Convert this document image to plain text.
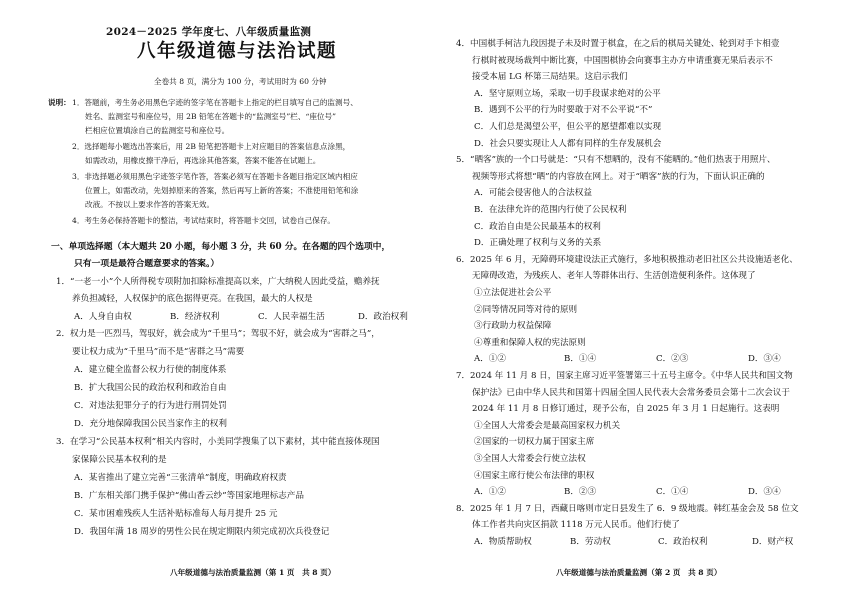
2024－2025 学年度七、八年级质量监测
八年级道德与法治试题
全卷共 8 页，满分为 100 分，考试用时为 60 分钟
说明： 1．答题前，考生务必用黑色字迹的签字笔在答题卡上指定的栏目填写自己的监测号、
姓名、监测室号和座位号，用 2B 铅笔在答题卡的“监测室号”栏、“座位号”
栏相应位置填涂自己的监测室号和座位号。
2．选择题每小题选出答案后，用 2B 铅笔把答题卡上对应题目的答案信息点涂黑，
如需改动，用橡皮擦干净后，再选涂其他答案，答案不能答在试题上。
3．非选择题必须用黑色字迹签字笔作答，答案必须写在答题卡各题目指定区域内相应
位置上，如需改动，先划掉原来的答案，然后再写上新的答案；不准使用铅笔和涂
改液。不按以上要求作答的答案无效。
4．考生务必保持答题卡的整洁，考试结束时，将答题卡交回，试卷自己保存。
一、单项选择题（本大题共 20 小题，每小题 3 分，共 60 分。在各题的四个选项中，
只有一项是最符合题意要求的答案。）
1．“一老一小”个人所得税专项附加扣除标准提高以来，广大纳税人因此受益，赡养抚
养负担减轻，人权保护的底色据得更亮。在我国，最大的人权是
A．人身自由权	B．经济权利	C．人民幸福生活	D．政治权利
2．权力是一匹烈马，驾驭好，就会成为“千里马”；驾驭不好，就会成为“害群之马”，
要让权力成为“千里马”而不是“害群之马”需要
A．建立健全监督公权力行使的制度体系
B．扩大我国公民的政治权利和政治自由
C．对违法犯罪分子的行为进行刑罚处罚
D．充分地保障我国公民当家作主的权利
3．在学习“公民基本权利”相关内容时，小美同学搜集了以下素材，其中能直接体现国
家保障公民基本权利的是
A．某省推出了建立完善“三张清单”制度，明确政府权责
B．广东相关部门携手保护“佛山香云纱”等国家地理标志产品
C．某市困难残疾人生活补贴标准每人每月提升 25 元
D．我国年满 18 周岁的男性公民在规定期限内须完成初次兵役登记
八年级道德与法治质量监测（第 1 页　共 8 页）	八年级道德与法治质量监测（第 2 页　共 8 页）
4．中国棋手柯洁九段因提子未及时置于棋盒，在之后的棋局关键处、轮到对手卞相壹
行棋时被现场裁判中断比赛，中国围棋协会向赛事主办方申请重赛无果后表示不
接受本届 LG 杯第三局结果。这启示我们
A．坚守原则立场，采取一切手段谋求绝对的公平
B．遇到不公平的行为时要敢于对不公平说“不”
C．人们总是渴望公平，但公平的愿望都难以实现
D．社会只要实现让人人都有同样的生存发展机会
5．“晒客”族的一个口号就是：“只有不想晒的，没有不能晒的。”他们热衷于用照片、
视频等形式将想“晒”的内容放在网上。对于“晒客”族的行为，下面认识正确的
A．可能会侵害他人的合法权益
B．在法律允许的范围内行使了公民权利
C．政治自由是公民最基本的权利
D．正确处理了权利与义务的关系
6．2025 年 6 月，无障碍环境建设法正式施行，多地积极推动老旧社区公共设施适老化、
无障碍改造，为残疾人、老年人等群体出行、生活创造便利条件。这体现了
①立法促进社会公平
②同等情况同等对待的原则
③行政助力权益保障
④尊重和保障人权的宪法原则
A．①②	B．①④	C．②③	D．③④
7．2024 年 11 月 8 日，国家主席习近平签署第三十五号主席令。《中华人民共和国文物
保护法》已由中华人民共和国第十四届全国人民代表大会常务委员会第十二次会议于
2024 年 11 月 8 日修订通过，现予公布，自 2025 年 3 月 1 日起施行。这表明
①全国人大常委会是最高国家权力机关
②国家的一切权力属于国家主席
③全国人大常委会行使立法权
④国家主席行使公布法律的职权
A．①②	B．②③	C．①④	D．③④
8．2025 年 1 月 7 日，西藏日喀则市定日县发生了 6．9 级地震。韩红基金会及 58 位文
体工作者共向灾区捐款 1118 万元人民币。他们行使了
A．物质帮助权	B．劳动权	C．政治权利	D．财产权
